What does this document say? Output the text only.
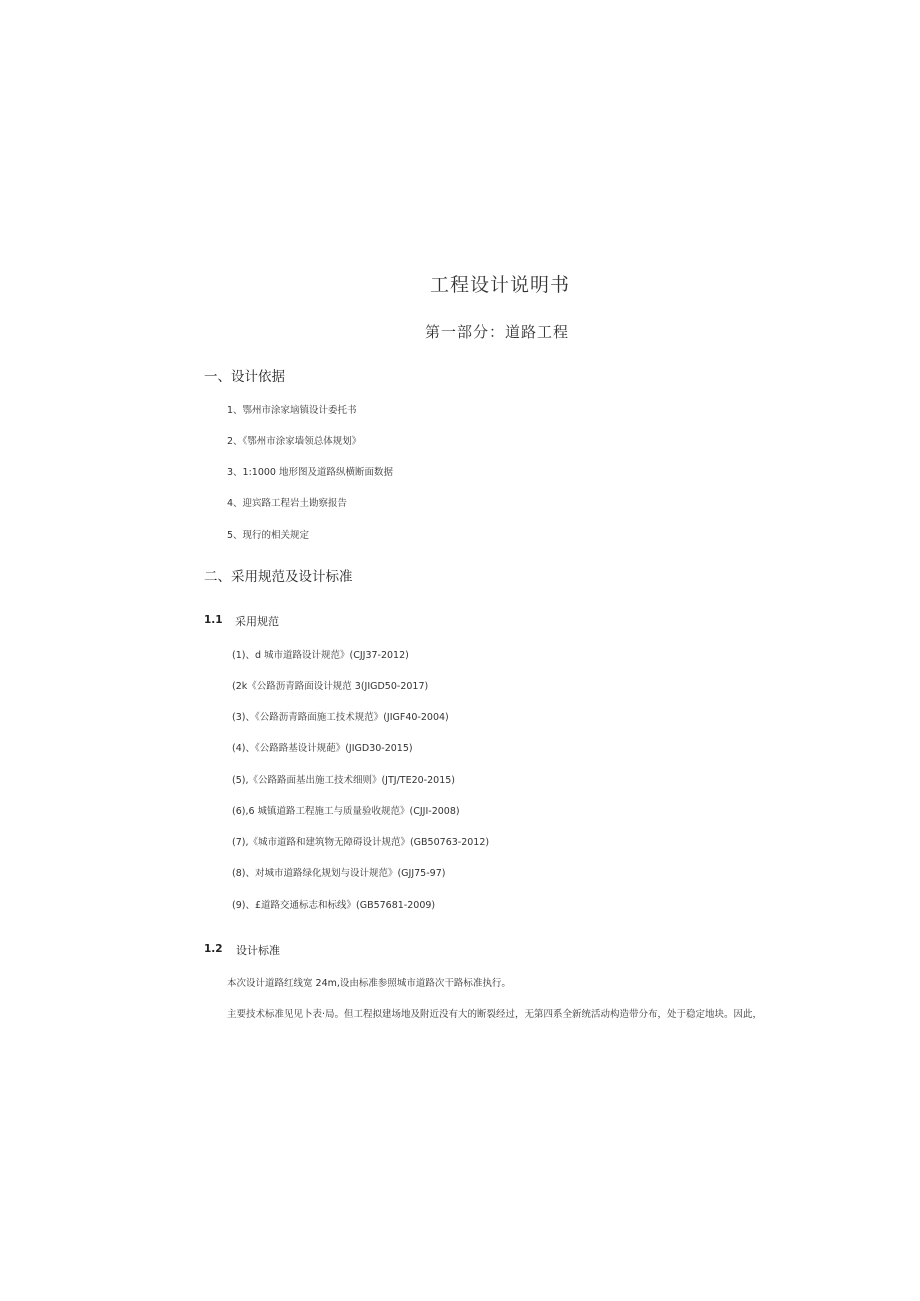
工程设计说明书
第一部分：道路工程
一、设计依据
1、鄂州市涂家垴镇设计委托书
2、《鄂州市涂家墙领总体规划》
3、1:1000 地形图及道路纵横断面数据
4、迎宾路工程岩土勘察报告
5、现行的相关规定
二、采用规范及设计标准
1.1 采用规范
(1)、d 城市道路设计规范》(CJJ37-2012)
(2k《公路沥青路面设计规范 3(JIGD50-2017)
(3)、《公路沥青路面施工技术规范》(JIGF40-2004)
(4)、《公路路基设计规葩》(JIGD30-2015)
(5),《公路路面基出施工技术细则》(JTJ/TE20-2015)
(6),6 城镇道路工程施工与质量验收规范》(CJJI-2008)
(7),《城市道路和建筑物无障碍设计规范》(GB50763-2012)
(8)、对城市道路绿化规划与设计规范》(GJJ75-97)
(9)、£道路交通标志和标线》(GB57681-2009)
1.2 设计标准
本次设计道路红线宽 24m,设由标准参照城市道路次干路标准执行。
主要技术标准见见卜表·局。但工程拟建场地及附近没有大的断裂经过，无第四系全新统活动构造带分布，处于稳定地块。因此，
